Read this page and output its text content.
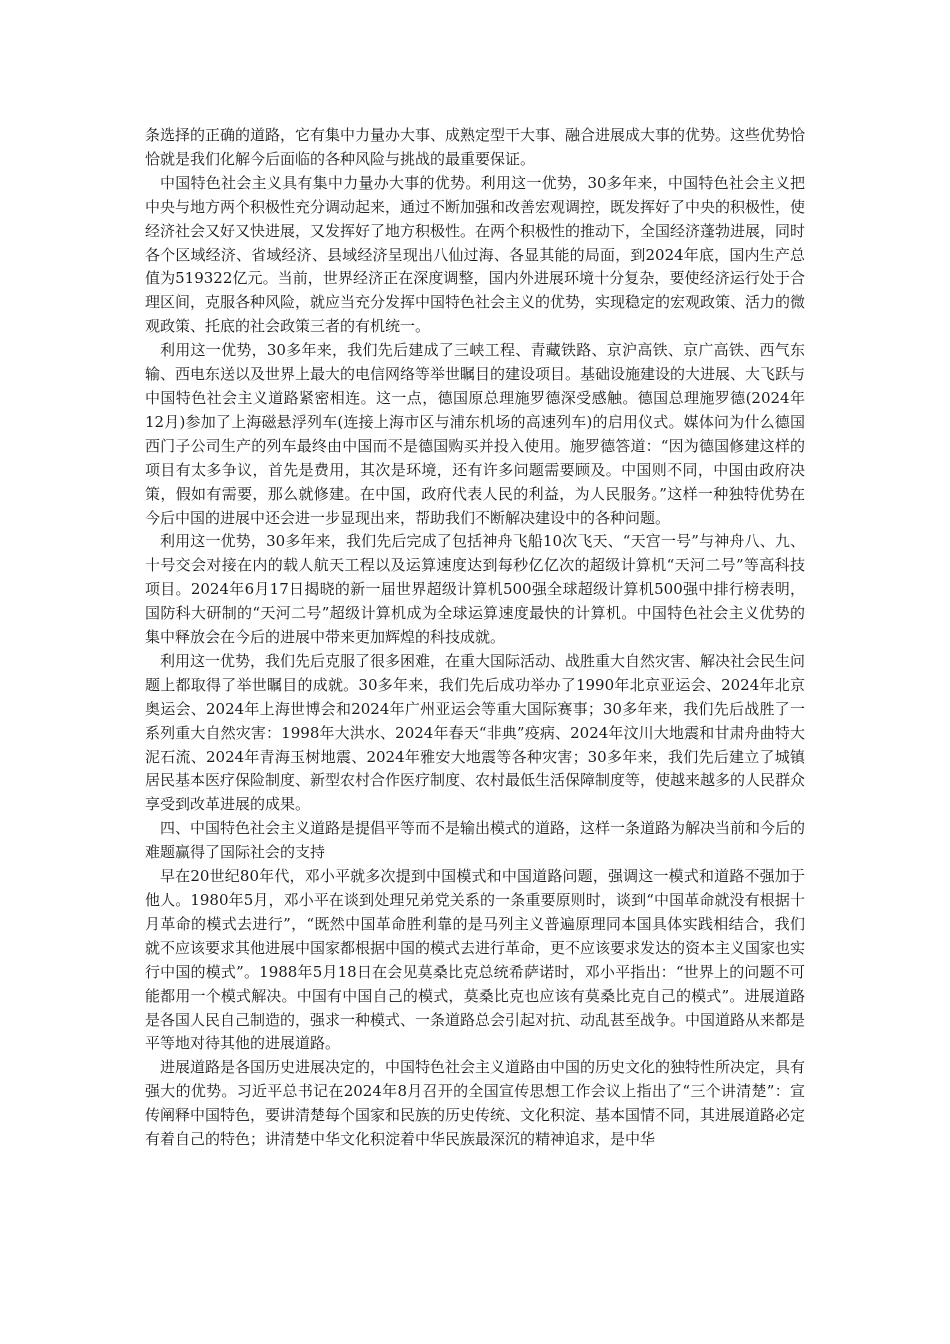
条选择的正确的道路，它有集中力量办大事、成熟定型干大事、融合进展成大事的优势。这些优势恰恰就是我们化解今后面临的各种风险与挑战的最重要保证。

中国特色社会主义具有集中力量办大事的优势。利用这一优势，30多年来，中国特色社会主义把中央与地方两个积极性充分调动起来，通过不断加强和改善宏观调控，既发挥好了中央的积极性，使经济社会又好又快进展，又发挥好了地方积极性。在两个积极性的推动下，全国经济蓬勃进展，同时各个区域经济、省域经济、县域经济呈现出八仙过海、各显其能的局面，到2024年底，国内生产总值为519322亿元。当前，世界经济正在深度调整，国内外进展环境十分复杂，要使经济运行处于合理区间，克服各种风险，就应当充分发挥中国特色社会主义的优势，实现稳定的宏观政策、活力的微观政策、托底的社会政策三者的有机统一。

利用这一优势，30多年来，我们先后建成了三峡工程、青藏铁路、京沪高铁、京广高铁、西气东输、西电东送以及世界上最大的电信网络等举世瞩目的建设项目。基础设施建设的大进展、大飞跃与中国特色社会主义道路紧密相连。这一点，德国原总理施罗德深受感触。德国总理施罗德(2024年12月)参加了上海磁悬浮列车(连接上海市区与浦东机场的高速列车)的启用仪式。媒体问为什么德国西门子公司生产的列车最终由中国而不是德国购买并投入使用。施罗德答道：“因为德国修建这样的项目有太多争议，首先是费用，其次是环境，还有许多问题需要顾及。中国则不同，中国由政府决策，假如有需要，那么就修建。在中国，政府代表人民的利益，为人民服务。”这样一种独特优势在今后中国的进展中还会进一步显现出来，帮助我们不断解决建设中的各种问题。

利用这一优势，30多年来，我们先后完成了包括神舟飞船10次飞天、“天宫一号”与神舟八、九、十号交会对接在内的载人航天工程以及运算速度达到每秒亿亿次的超级计算机“天河二号”等高科技项目。2024年6月17日揭晓的新一届世界超级计算机500强全球超级计算机500强中排行榜表明，国防科大研制的“天河二号”超级计算机成为全球运算速度最快的计算机。中国特色社会主义优势的集中释放会在今后的进展中带来更加辉煌的科技成就。

利用这一优势，我们先后克服了很多困难，在重大国际活动、战胜重大自然灾害、解决社会民生问题上都取得了举世瞩目的成就。30多年来，我们先后成功举办了1990年北京亚运会、2024年北京奥运会、2024年上海世博会和2024年广州亚运会等重大国际赛事；30多年来，我们先后战胜了一系列重大自然灾害：1998年大洪水、2024年春天“非典”疫病、2024年汶川大地震和甘肃舟曲特大泥石流、2024年青海玉树地震、2024年雅安大地震等各种灾害；30多年来，我们先后建立了城镇居民基本医疗保险制度、新型农村合作医疗制度、农村最低生活保障制度等，使越来越多的人民群众享受到改革进展的成果。

四、中国特色社会主义道路是提倡平等而不是输出模式的道路，这样一条道路为解决当前和今后的难题赢得了国际社会的支持

早在20世纪80年代，邓小平就多次提到中国模式和中国道路问题，强调这一模式和道路不强加于他人。1980年5月，邓小平在谈到处理兄弟党关系的一条重要原则时，谈到“中国革命就没有根据十月革命的模式去进行”，“既然中国革命胜利靠的是马列主义普遍原理同本国具体实践相结合，我们就不应该要求其他进展中国家都根据中国的模式去进行革命，更不应该要求发达的资本主义国家也实行中国的模式”。1988年5月18日在会见莫桑比克总统希萨诺时，邓小平指出：“世界上的问题不可能都用一个模式解决。中国有中国自己的模式，莫桑比克也应该有莫桑比克自己的模式”。进展道路是各国人民自己制造的，强求一种模式、一条道路总会引起对抗、动乱甚至战争。中国道路从来都是平等地对待其他的进展道路。

进展道路是各国历史进展决定的，中国特色社会主义道路由中国的历史文化的独特性所决定，具有强大的优势。习近平总书记在2024年8月召开的全国宣传思想工作会议上指出了“三个讲清楚”：宣传阐释中国特色，要讲清楚每个国家和民族的历史传统、文化积淀、基本国情不同，其进展道路必定有着自己的特色；讲清楚中华文化积淀着中华民族最深沉的精神追求，是中华
